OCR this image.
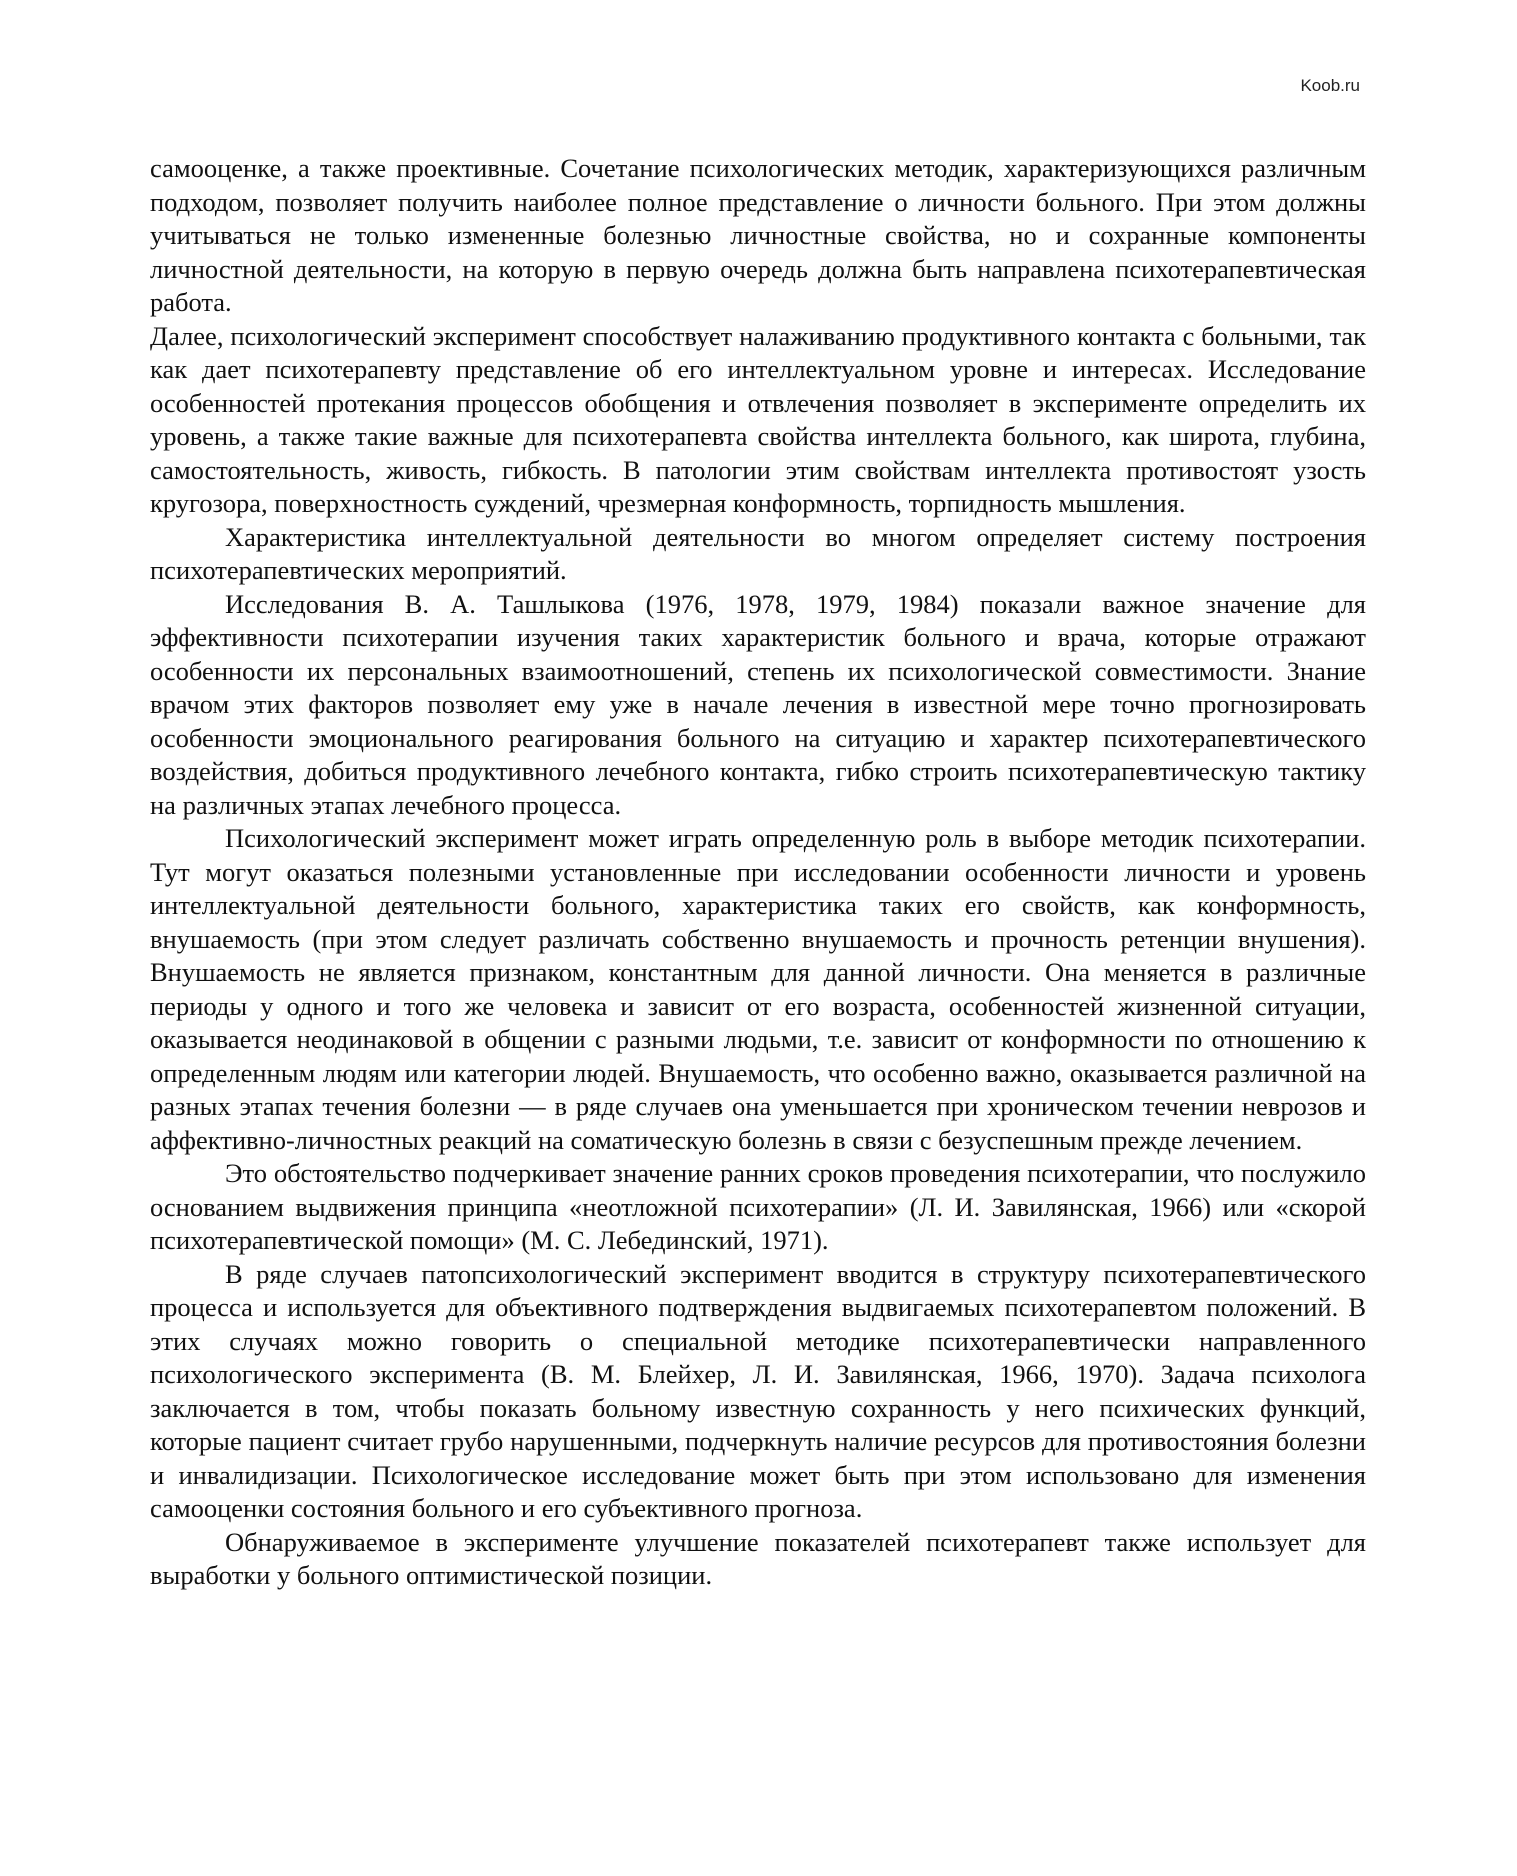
Koob.ru

самооценке, а также проективные. Сочетание психологических методик, характеризующихся различным подходом, позволяет получить наиболее полное представление о личности больного. При этом должны учитываться не только измененные болезнью личностные свойства, но и сохранные компоненты личностной деятельности, на которую в первую очередь должна быть направлена психотерапевтическая работа.

Далее, психологический эксперимент способствует налаживанию продуктивного контакта с больными, так как дает психотерапевту представление об его интеллектуальном уровне и интересах. Исследование особенностей протекания процессов обобщения и отвлечения позволяет в эксперименте определить их уровень, а также такие важные для психотерапевта свойства интеллекта больного, как широта, глубина, самостоятельность, живость, гибкость. В патологии этим свойствам интеллекта противостоят узость кругозора, поверхностность суждений, чрезмерная конформность, торпидность мышления.

Характеристика интеллектуальной деятельности во многом определяет систему построения психотерапевтических мероприятий.

Исследования В. А. Ташлыкова (1976, 1978, 1979, 1984) показали важное значение для эффективности психотерапии изучения таких характеристик больного и врача, которые отражают особенности их персональных взаимоотношений, степень их психологической совместимости. Знание врачом этих факторов позволяет ему уже в начале лечения в известной мере точно прогнозировать особенности эмоционального реагирования больного на ситуацию и характер психотерапевтического воздействия, добиться продуктивного лечебного контакта, гибко строить психотерапевтическую тактику на различных этапах лечебного процесса.

Психологический эксперимент может играть определенную роль в выборе методик психотерапии. Тут могут оказаться полезными установленные при исследовании особенности личности и уровень интеллектуальной деятельности больного, характеристика таких его свойств, как конформность, внушаемость (при этом следует различать собственно внушаемость и прочность ретенции внушения). Внушаемость не является признаком, константным для данной личности. Она меняется в различные периоды у одного и того же человека и зависит от его возраста, особенностей жизненной ситуации, оказывается неодинаковой в общении с разными людьми, т.е. зависит от конформности по отношению к определенным людям или категории людей. Внушаемость, что особенно важно, оказывается различной на разных этапах течения болезни — в ряде случаев она уменьшается при хроническом течении неврозов и аффективно-личностных реакций на соматическую болезнь в связи с безуспешным прежде лечением.

Это обстоятельство подчеркивает значение ранних сроков проведения психотерапии, что послужило основанием выдвижения принципа «неотложной психотерапии» (Л. И. Завилянская, 1966) или «скорой психотерапевтической помощи» (М. С. Лебединский, 1971).

В ряде случаев патопсихологический эксперимент вводится в структуру психотерапевтического процесса и используется для объективного подтверждения выдвигаемых психотерапевтом положений. В этих случаях можно говорить о специальной методике психотерапевтически направленного психологического эксперимента (В. М. Блейхер, Л. И. Завилянская, 1966, 1970). Задача психолога заключается в том, чтобы показать больному известную сохранность у него психических функций, которые пациент считает грубо нарушенными, подчеркнуть наличие ресурсов для противостояния болезни и инвалидизации. Психологическое исследование может быть при этом использовано для изменения самооценки состояния больного и его субъективного прогноза.

Обнаруживаемое в эксперименте улучшение показателей психотерапевт также использует для выработки у больного оптимистической позиции.
